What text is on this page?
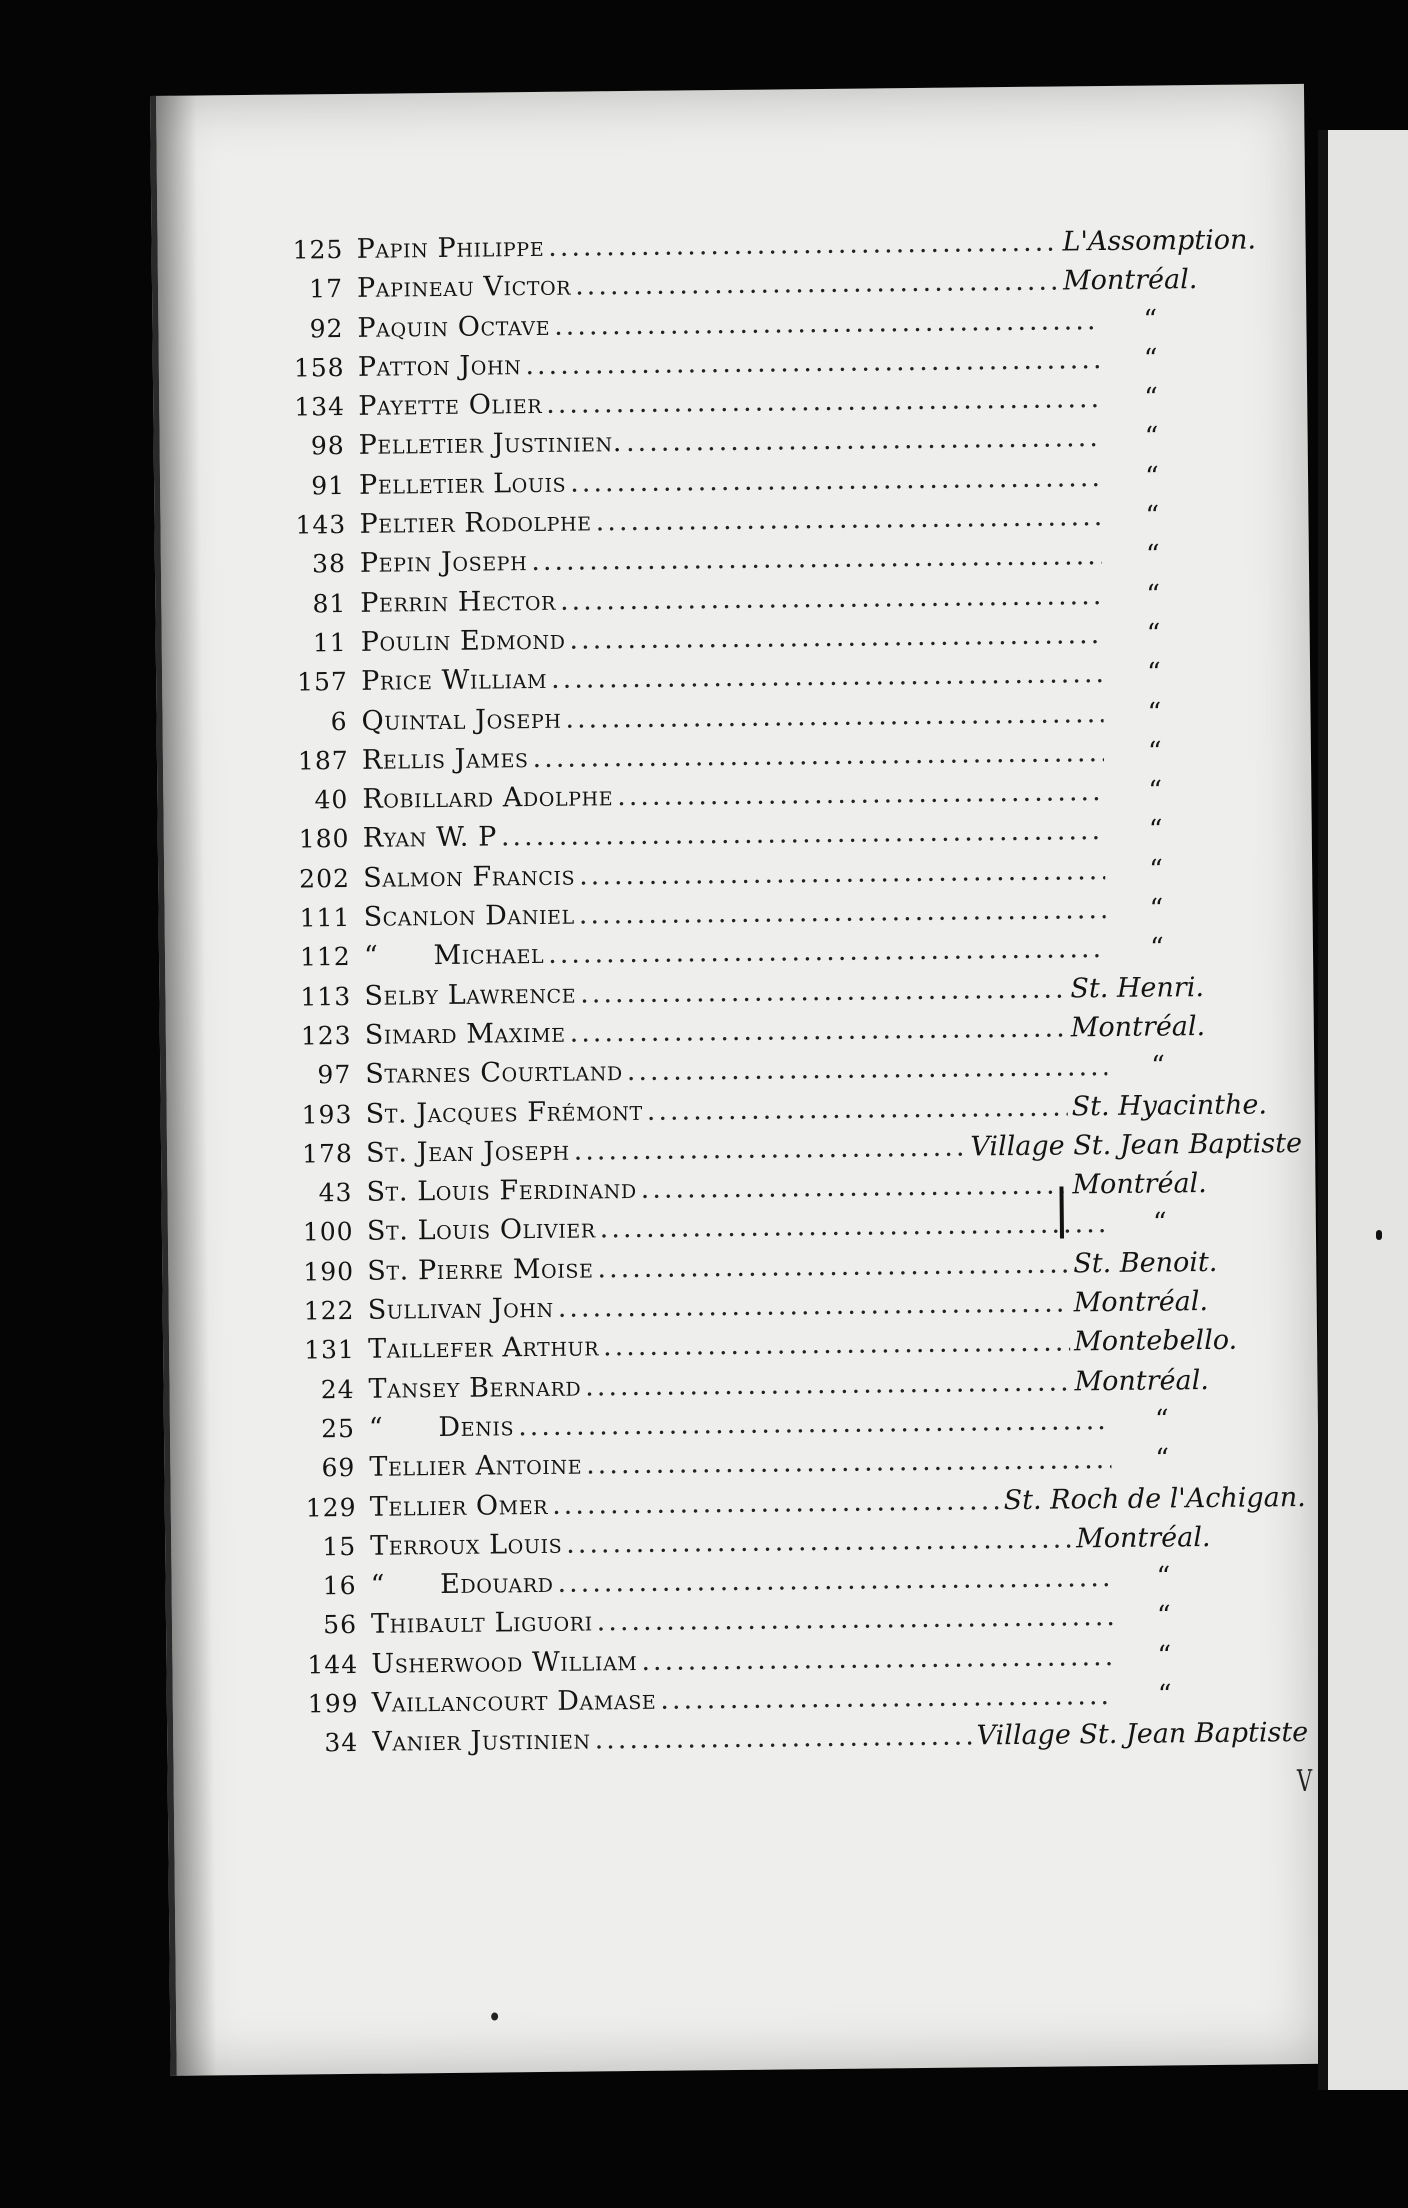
125 Papin Philippe .....	L'Assomption.
17 Papineau Victor .....	Montréal.
92 Paquin Octave .....	“
158 Patton John .....	“
134 Payette Olier .....	“
98 Pelletier Justinien. .....	“
91 Pelletier Louis .....	“
143 Peltier Rodolphe .....	“
38 Pepin Joseph .....	“
81 Perrin Hector .....	“
11 Poulin Edmond .....	“
157 Price William .....	“
6 Quintal Joseph .....	“
187 Rellis James .....	“
40 Robillard Adolphe .....	“
180 Ryan W. P .....	“
202 Salmon Francis .....	“
111 Scanlon Daniel .....	“
112 “      Michael .....	“
113 Selby Lawrence .....	St. Henri.
123 Simard Maxime .....	Montréal.
97 Starnes Courtland .....	“
193 St. Jacques Frémont .....	St. Hyacinthe.
178 St. Jean Joseph .....	Village St. Jean Baptiste
43 St. Louis Ferdinand .....	Montréal.
100 St. Louis Olivier .....	“
190 St. Pierre Moise .....	St. Benoit.
122 Sullivan John .....	Montréal.
131 Taillefer Arthur .....	Montebello.
24 Tansey Bernard .....	Montréal.
25 “      Denis .....	“
69 Tellier Antoine .....	“
129 Tellier Omer .....	St. Roch de l'Achigan.
15 Terroux Louis .....	Montréal.
16 “      Edouard .....	“
56 Thibault Liguori .....	“
144 Usherwood William .....	“
199 Vaillancourt Damase .....	“
34 Vanier Justinien .....	Village St. Jean Baptiste
V
